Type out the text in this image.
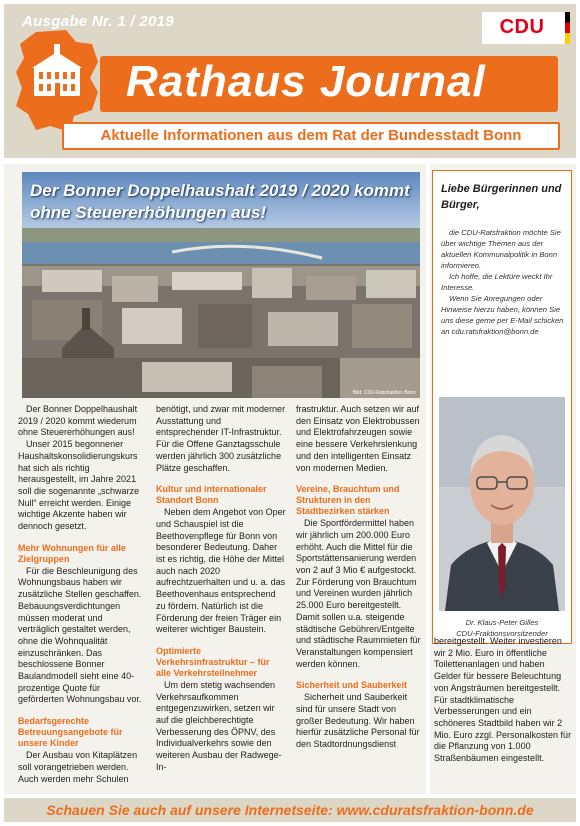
Ausgabe Nr. 1 / 2019	CDU
Rathaus Journal
Aktuelle Informationen aus dem Rat der Bundesstadt Bonn
Der Bonner Doppelhaushalt 2019 / 2020 kommt ohne Steuererhöhungen aus!
Bild: CDU-Ratsfraktion Bonn

Der Bonner Doppelhaushalt 2019 / 2020 kommt wiederum ohne Steuererhöhungen aus!

Unser 2015 begonnener Haushaltskonsolidierungskurs hat sich als richtig herausgestellt, im Jahre 2021 soll die sogenannte „schwarze Null“ erreicht werden. Einige wichtige Akzente haben wir dennoch gesetzt.

Mehr Wohnungen für alle Zielgruppen

Für die Beschleunigung des Wohnungsbaus haben wir zusätzliche Stellen geschaffen. Bebauungsverdichtungen müssen moderat und verträglich gestaltet werden, ohne die Wohnqualität einzuschränken. Das beschlossene Bonner Baulandmodell sieht eine 40-prozentige Quote für geförderten Wohnungsbau vor.

Bedarfsgerechte Betreuungsangebote für unsere Kinder

Der Ausbau von Kitaplätzen soll vorangetrieben werden. Auch werden mehr Schulen

benötigt, und zwar mit moderner Ausstattung und entsprechender IT-Infrastruktur. Für die Offene Ganztagsschule werden jährlich 300 zusätzliche Plätze geschaffen.

Kultur und internationaler Standort Bonn

Neben dem Angebot von Oper und Schauspiel ist die Beethovenpflege für Bonn von besonderer Bedeutung. Daher ist es richtig, die Höhe der Mittel auch nach 2020 aufrechtzuerhalten und u. a. das Beethovenhaus entsprechend zu fördern. Natürlich ist die Förderung der freien Träger ein weiterer wichtiger Baustein.

Optimierte Verkehrsinfrastruktur – für alle Verkehrsteilnehmer

Um dem stetig wachsenden Verkehrsaufkommen entgegenzuwirken, setzen wir auf die gleichberechtigte Verbesserung des ÖPNV, des Individualverkehrs sowie den weiteren Ausbau der Radwege-In-

frastruktur. Auch setzen wir auf den Einsatz von Elektrobussen und Elektrofahrzeugen sowie eine bessere Verkehrslenkung und den intelligenten Einsatz von modernen Medien.

Vereine, Brauchtum und Strukturen in den Stadtbezirken stärken

Die Sportfördermittel haben wir jährlich um 200.000 Euro erhöht. Auch die Mittel für die Sportstättensanierung werden von 2 auf 3 Mio € aufgestockt. Zur Förderung von Brauchtum und Vereinen wurden jährlich 25.000 Euro bereitgestellt. Damit sollen u.a. steigende städtische Gebühren/Entgelte und städtische Raummieten für Veranstaltungen kompensiert werden können.

Sicherheit und Sauberkeit

Sicherheit und Sauberkeit sind für unsere Stadt von großer Bedeutung. Wir haben hierfür zusätzliche Personal für den Stadtordnungsdienst

Liebe Bürgerinnen und Bürger,

die CDU-Ratsfraktion möchte Sie über wichtige Themen aus der aktuellen Kommunalpolitik in Bonn informieren.

Ich hoffe, die Lektüre weckt Ihr Interesse.

Wenn Sie Anregungen oder Hinweise hierzu haben, können Sie uns diese gerne per E-Mail schicken an cdu.ratsfraktion@bonn.de

Dr. Klaus-Peter Gilles
CDU-Fraktionsvorsitzender

bereitgestellt. Weiter investieren wir 2 Mio. Euro in öffentliche Toilettenanlagen und haben Gelder für bessere Beleuchtung von Angsträumen bereitgestellt. Für stadtklimatische Verbesserungen und ein schöneres Stadtbild haben wir 2 Mio. Euro zzgl. Personalkosten für die Pflanzung von 1.000 Straßenbäumen eingestellt.

Schauen Sie auch auf unsere Internetseite: www.cduratsfraktion-bonn.de
